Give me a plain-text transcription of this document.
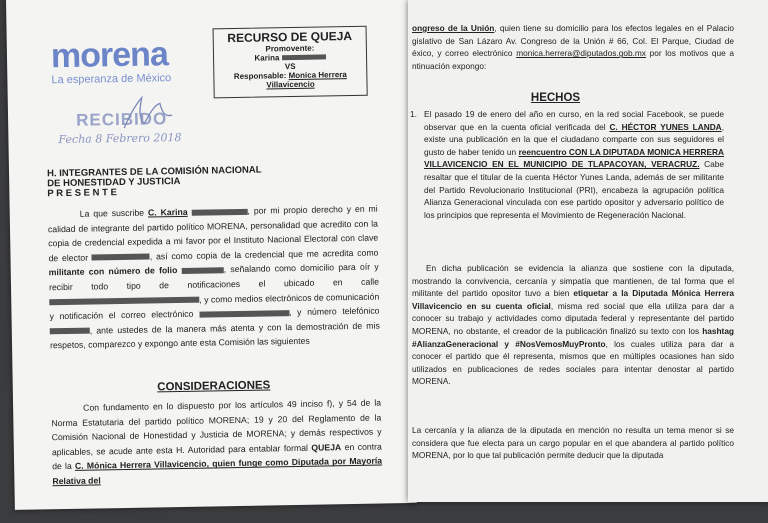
morena
La esperanza de México
RECIBIDO
Fecha 8 Febrero 2018
RECURSO DE QUEJA
Promovente:
Karina
VS
Responsable: Monica Herrera
Villavicencio
H. INTEGRANTES DE LA COMISIÓN NACIONAL
DE HONESTIDAD Y JUSTICIA
P R E S E N T E
La que suscribe C. Karina	, por mi propio derecho y en mi calidad de integrante del partido político MORENA, personalidad que acredito con la copia de credencial expedida a mi favor por el Instituto Nacional Electoral con clave de elector	, así como copia de la credencial que me acredita como militante con número de folio	, señalando como domicilio para oír y recibir todo tipo de notificaciones el ubicado en calle , y como medios electrónicos de comunicación y notificación el correo electrónico	, y número telefónico , ante ustedes de la manera más atenta y con la demostración de mis respetos, comparezco y expongo ante esta Comisión las siguientes
CONSIDERACIONES
Con fundamento en lo dispuesto por los artículos 49 inciso f), y 54 de la Norma Estatutaria del partido político MORENA; 19 y 20 del Reglamento de la Comisión Nacional de Honestidad y Justicia de MORENA; y demás respectivos y aplicables, se acude ante esta H. Autoridad para entablar formal QUEJA en contra de la C. Mónica Herrera Villavicencio, quien funge como Diputada por Mayoría Relativa del
ongreso de la Unión, quien tiene su domicilio para los efectos legales en el Palacio gislativo de San Lázaro Av. Congreso de la Unión # 66, Col. El Parque, Ciudad de éxico, y correo electrónico monica.herrera@diputados.gob.mx por los motivos que a ntinuación expongo:
HECHOS
1. El pasado 19 de enero del año en curso, en la red social Facebook, se puede observar que en la cuenta oficial verificada del C. HÉCTOR YUNES LANDA, existe una publicación en la que el ciudadano comparte con sus seguidores el gusto de haber tenido un reencuentro CON LA DIPUTADA MONICA HERRERA VILLAVICENCIO EN EL MUNICIPIO DE TLAPACOYAN, VERACRUZ. Cabe resaltar que el titular de la cuenta Héctor Yunes Landa, además de ser militante del Partido Revolucionario Institucional (PRI), encabeza la agrupación política Alianza Generacional vinculada con ese partido opositor y adversario político de los principios que representa el Movimiento de Regeneración Nacional.
En dicha publicación se evidencia la alianza que sostiene con la diputada, mostrando la convivencia, cercanía y simpatía que mantienen, de tal forma que el militante del partido opositor tuvo a bien etiquetar a la Diputada Mónica Herrera Villavicencio en su cuenta oficial, misma red social que ella utiliza para dar a conocer su trabajo y actividades como diputada federal y representante del partido MORENA, no obstante, el creador de la publicación finalizó su texto con los hashtag #AlianzaGeneracional y #NosVemosMuyPronto, los cuales utiliza para dar a conocer el partido que él representa, mismos que en múltiples ocasiones han sido utilizados en publicaciones de redes sociales para intentar denostar al partido MORENA.
La cercanía y la alianza de la diputada en mención no resulta un tema menor si se considera que fue electa para un cargo popular en el que abandera al partido político MORENA, por lo que tal publicación permite deducir que la diputada
